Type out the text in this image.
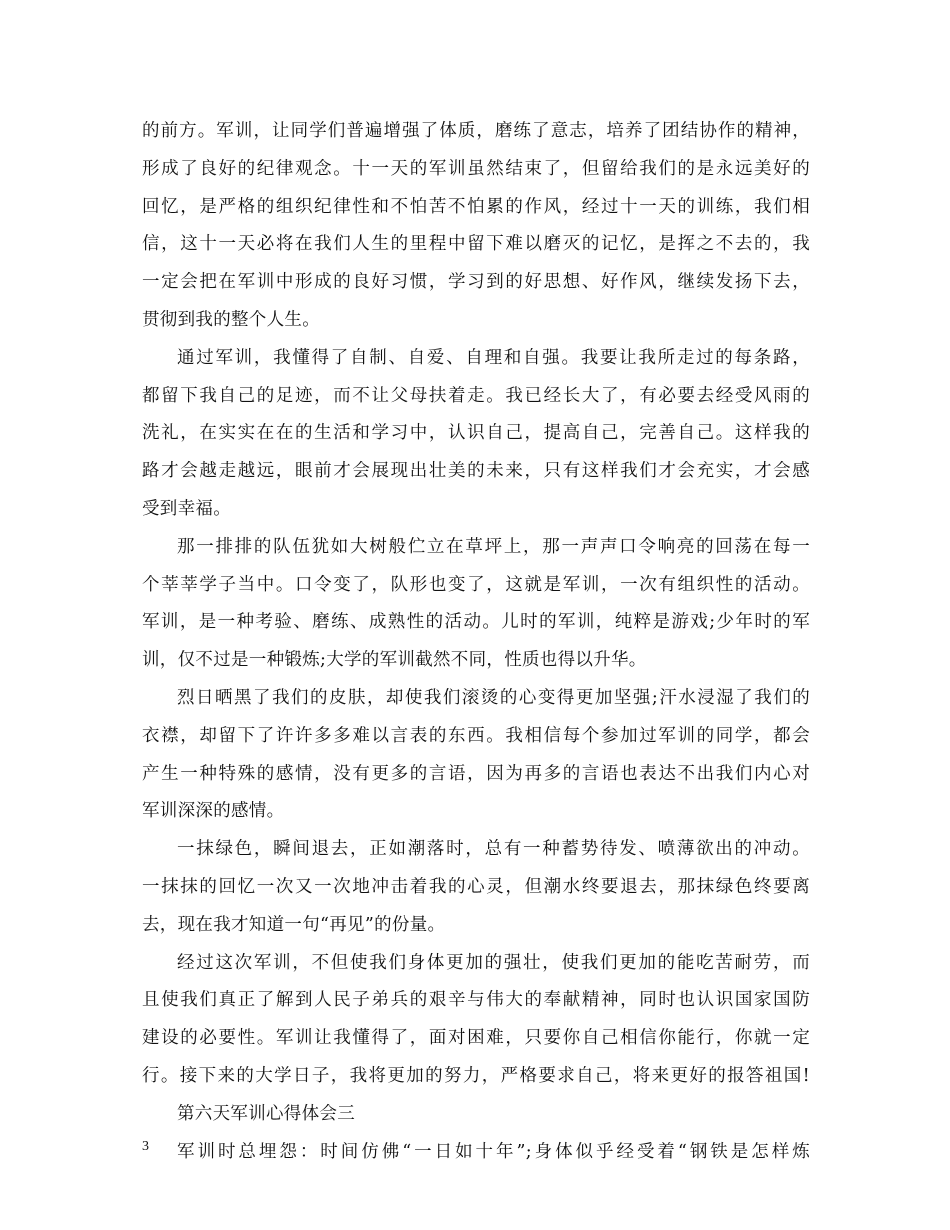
的前方。军训，让同学们普遍增强了体质，磨练了意志，培养了团结协作的精神，
形成了良好的纪律观念。十一天的军训虽然结束了，但留给我们的是永远美好的
回忆，是严格的组织纪律性和不怕苦不怕累的作风，经过十一天的训练，我们相
信，这十一天必将在我们人生的里程中留下难以磨灭的记忆，是挥之不去的，我
一定会把在军训中形成的良好习惯，学习到的好思想、好作风，继续发扬下去，
贯彻到我的整个人生。
通过军训，我懂得了自制、自爱、自理和自强。我要让我所走过的每条路，
都留下我自己的足迹，而不让父母扶着走。我已经长大了，有必要去经受风雨的
洗礼，在实实在在的生活和学习中，认识自己，提高自己，完善自己。这样我的
路才会越走越远，眼前才会展现出壮美的未来，只有这样我们才会充实，才会感
受到幸福。
那一排排的队伍犹如大树般伫立在草坪上，那一声声口令响亮的回荡在每一
个莘莘学子当中。口令变了，队形也变了，这就是军训，一次有组织性的活动。
军训，是一种考验、磨练、成熟性的活动。儿时的军训，纯粹是游戏;少年时的军
训，仅不过是一种锻炼;大学的军训截然不同，性质也得以升华。
烈日晒黑了我们的皮肤，却使我们滚烫的心变得更加坚强;汗水浸湿了我们的
衣襟，却留下了许许多多难以言表的东西。我相信每个参加过军训的同学，都会
产生一种特殊的感情，没有更多的言语，因为再多的言语也表达不出我们内心对
军训深深的感情。
一抹绿色，瞬间退去，正如潮落时，总有一种蓄势待发、喷薄欲出的冲动。
一抹抹的回忆一次又一次地冲击着我的心灵，但潮水终要退去，那抹绿色终要离
去，现在我才知道一句“再见”的份量。
经过这次军训，不但使我们身体更加的强壮，使我们更加的能吃苦耐劳，而
且使我们真正了解到人民子弟兵的艰辛与伟大的奉献精神，同时也认识国家国防
建设的必要性。军训让我懂得了，面对困难，只要你自己相信你能行，你就一定
行。接下来的大学日子，我将更加的努力，严格要求自己，将来更好的报答祖国!
第六天军训心得体会三
军训时总埋怨：时间仿佛“一日如十年”;身体似乎经受着“钢铁是怎样炼
3
